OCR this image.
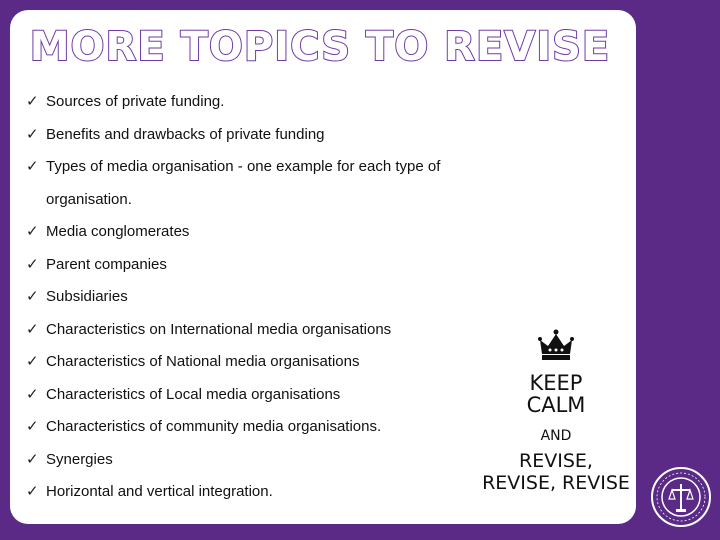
MORE TOPICS TO REVISE
✓ Sources of private funding.
✓ Benefits and drawbacks of private funding
✓ Types of media organisation - one example for each type of organisation.
✓ Media conglomerates
✓ Parent companies
✓ Subsidiaries
✓ Characteristics on International media organisations
✓ Characteristics of National media organisations
✓ Characteristics of Local media organisations
✓ Characteristics of community media organisations.
✓ Synergies
✓ Horizontal and vertical integration.
KEEP
CALM
AND
REVISE,
REVISE, REVISE
